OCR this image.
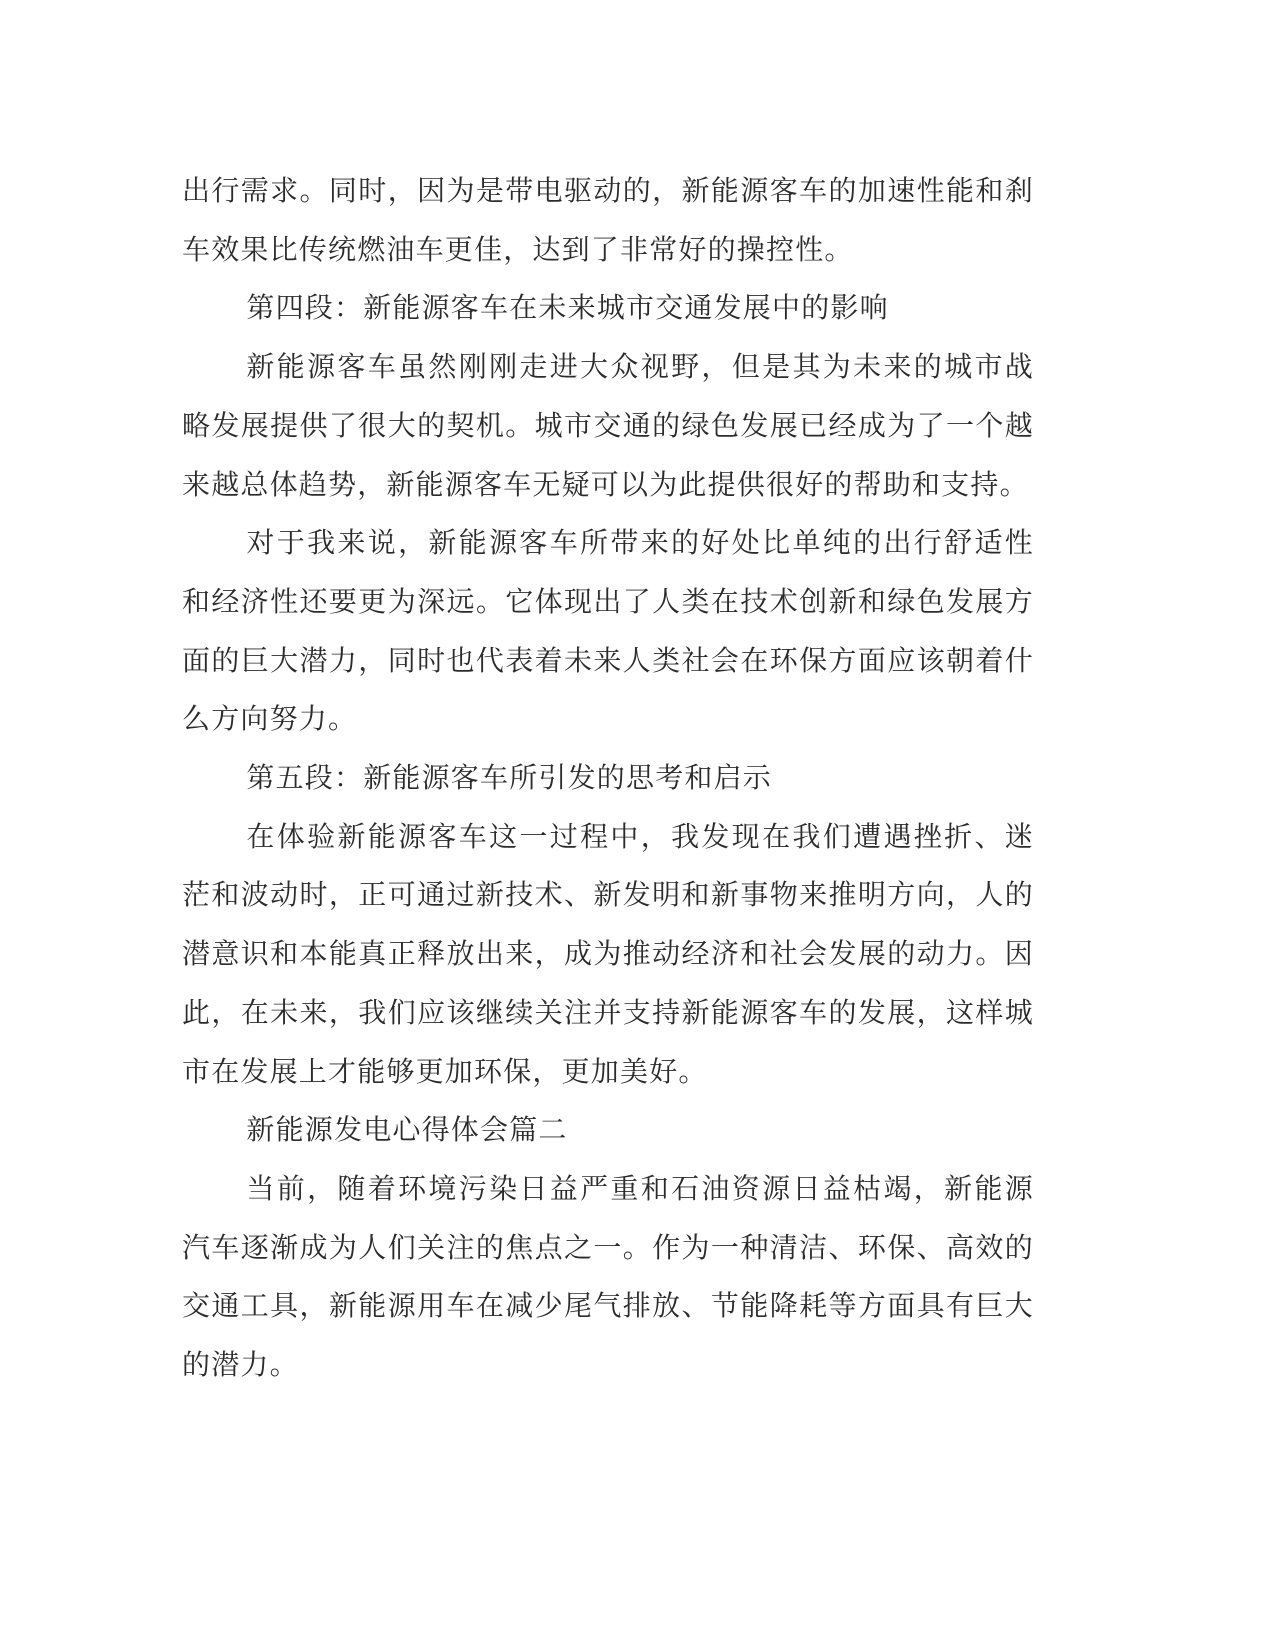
出行需求。同时，因为是带电驱动的，新能源客车的加速性能和刹车效果比传统燃油车更佳，达到了非常好的操控性。

第四段：新能源客车在未来城市交通发展中的影响

新能源客车虽然刚刚走进大众视野，但是其为未来的城市战略发展提供了很大的契机。城市交通的绿色发展已经成为了一个越来越总体趋势，新能源客车无疑可以为此提供很好的帮助和支持。

对于我来说，新能源客车所带来的好处比单纯的出行舒适性和经济性还要更为深远。它体现出了人类在技术创新和绿色发展方面的巨大潜力，同时也代表着未来人类社会在环保方面应该朝着什么方向努力。

第五段：新能源客车所引发的思考和启示

在体验新能源客车这一过程中，我发现在我们遭遇挫折、迷茫和波动时，正可通过新技术、新发明和新事物来推明方向，人的潜意识和本能真正释放出来，成为推动经济和社会发展的动力。因此，在未来，我们应该继续关注并支持新能源客车的发展，这样城市在发展上才能够更加环保，更加美好。

新能源发电心得体会篇二

当前，随着环境污染日益严重和石油资源日益枯竭，新能源汽车逐渐成为人们关注的焦点之一。作为一种清洁、环保、高效的交通工具，新能源用车在减少尾气排放、节能降耗等方面具有巨大的潜力。
